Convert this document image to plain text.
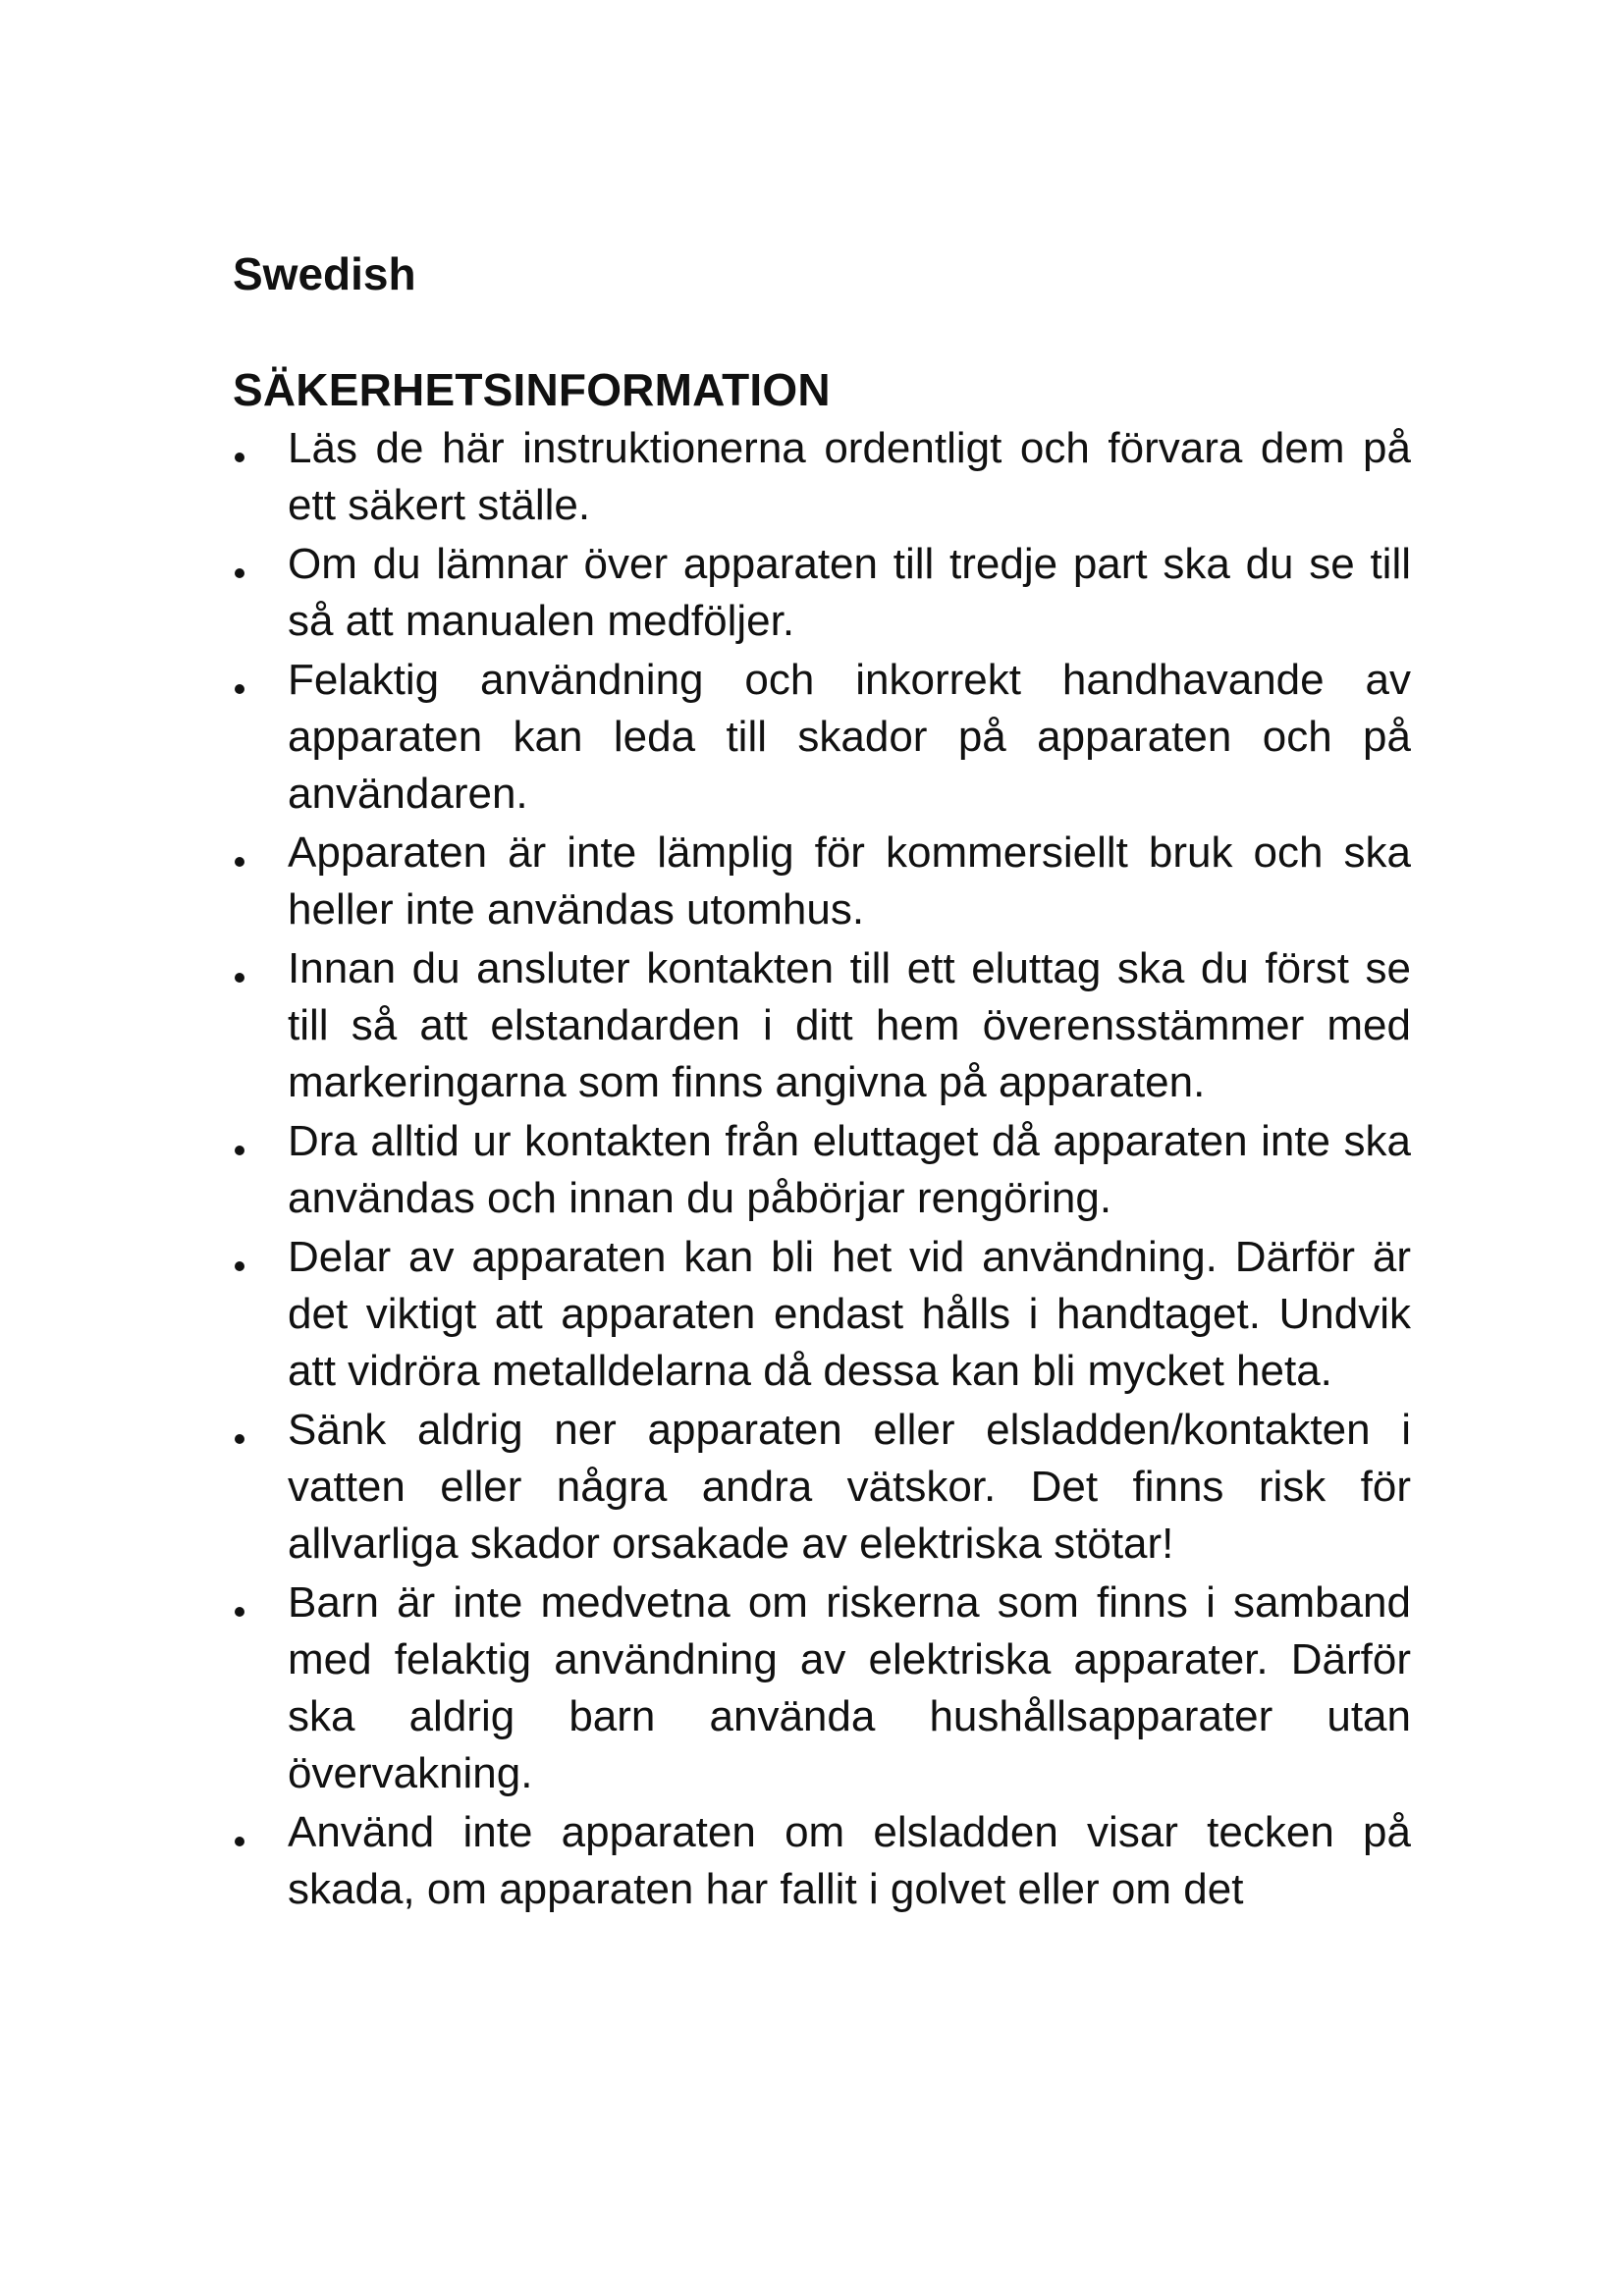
Swedish
SÄKERHETSINFORMATION
Läs de här instruktionerna ordentligt och förvara dem på ett säkert ställe.
Om du lämnar över apparaten till tredje part ska du se till så att manualen medföljer.
Felaktig användning och inkorrekt handhavande av apparaten kan leda till skador på apparaten och på användaren.
Apparaten är inte lämplig för kommersiellt bruk och ska heller inte användas utomhus.
Innan du ansluter kontakten till ett eluttag ska du först se till så att elstandarden i ditt hem överensstämmer med markeringarna som finns angivna på apparaten.
Dra alltid ur kontakten från eluttaget då apparaten inte ska användas och innan du påbörjar rengöring.
Delar av apparaten kan bli het vid användning. Därför är det viktigt att apparaten endast hålls i handtaget. Undvik att vidröra metalldelarna då dessa kan bli mycket heta.
Sänk aldrig ner apparaten eller elsladden/kontakten i vatten eller några andra vätskor. Det finns risk för allvarliga skador orsakade av elektriska stötar!
Barn är inte medvetna om riskerna som finns i samband med felaktig användning av elektriska apparater. Därför ska aldrig barn använda hushållsapparater utan övervakning.
Använd inte apparaten om elsladden visar tecken på skada, om apparaten har fallit i golvet eller om det
